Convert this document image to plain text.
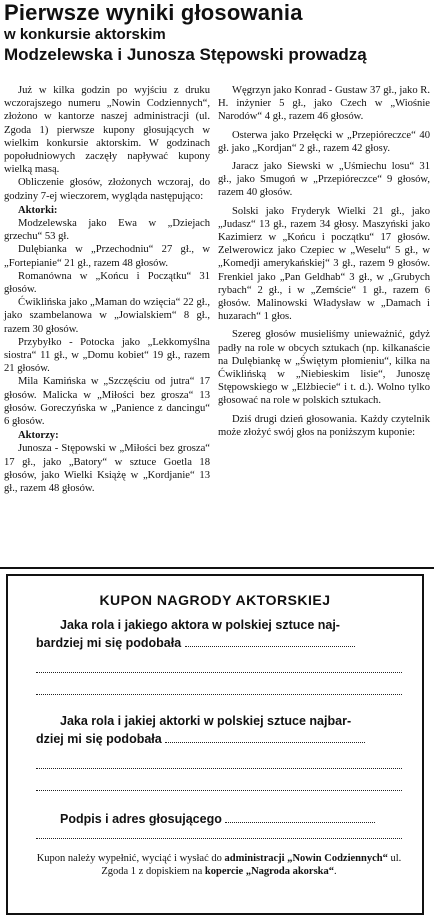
Pierwsze wyniki głosowania
w konkursie aktorskim
Modzelewska i Junosza Stępowski prowadzą

Już w kilka godzin po wyjściu z druku wczorajszego numeru „Nowin Codziennych“, złożono w kantorze naszej administracji (ul. Zgoda 1) pierwsze kupony głosujących w wielkim konkursie aktorskim. W godzinach popołudniowych zaczęły napływać kupony wielką masą.

Obliczenie głosów, złożonych wczoraj, do godziny 7-ej wieczorem, wygląda następująco:

Aktorki:

Modzelewska jako Ewa w „Dziejach grzechu“ 53 gł.

Dulębianka w „Przechodniu“ 27 gł., w „Fortepianie“ 21 gł., razem 48 głosów.

Romanówna w „Końcu i Początku“ 31 głosów.

Ćwiklińska jako „Maman do wzięcia“ 22 gł., jako szambelanowa w „Jowialskiem“ 8 gł., razem 30 głosów.

Przybyłko - Potocka jako „Lekkomyślna siostra“ 11 gł., w „Domu kobiet“ 19 gł., razem 21 głosów.

Mila Kamińska w „Szczęściu od jutra“ 17 głosów. Malicka w „Miłości bez grosza“ 13 głosów. Goreczyńska w „Panience z dancingu“ 6 głosów.

Aktorzy:

Junosza - Stępowski w „Miłości bez grosza“ 17 gł., jako „Batory“ w sztuce Goetla 18 głosów, jako Wielki Książę w „Kordjanie“ 13 gł., razem 48 głosów.

Węgrzyn jako Konrad - Gustaw 37 gł., jako R. H. inżynier 5 gł., jako Czech w „Wiośnie Narodów“ 4 gł., razem 46 głosów.

Osterwa jako Przełęcki w „Przepióreczce“ 40 gł. jako „Kordjan“ 2 gł., razem 42 głosy.

Jaracz jako Siewski w „Uśmiechu losu“ 31 gł., jako Smugoń w „Przepióreczce“ 9 głosów, razem 40 głosów.

Solski jako Fryderyk Wielki 21 gł., jako „Judasz“ 13 gł., razem 34 głosy. Maszyński jako Kazimierz w „Końcu i początku“ 17 głosów. Zelwerowicz jako Czepiec w „Weselu“ 5 gł., w „Komedji amerykańskiej“ 3 gł., razem 9 głosów. Frenkiel jako „Pan Geldhab“ 3 gł., w „Grubych rybach“ 2 gł., i w „Zemście“ 1 gł., razem 6 głosów. Malinowski Władysław w „Damach i huzarach“ 1 głos.

Szereg głosów musieliśmy unieważnić, gdyż padły na role w obcych sztukach (np. kilkanaście na Dulębiankę w „Świętym płomieniu“, kilka na Ćwiklińską w „Niebieskim lisie“, Junoszę Stępowskiego w „Elżbiecie“ i t. d.). Wolno tylko głosować na role w polskich sztukach.

Dziś drugi dzień głosowania. Każdy czytelnik może złożyć swój głos na poniższym kuponie:

KUPON NAGRODY AKTORSKIEJ
Jaka rola i jakiego aktora w polskiej sztuce naj-
bardziej mi się podobała
Jaka rola i jakiej aktorki w polskiej sztuce najbar-
dziej mi się podobała
Podpis i adres głosującego
Kupon należy wypełnić, wyciąć i wysłać do administracji „Nowin Codziennych“ ul. Zgoda 1 z dopiskiem na kopercie „Nagroda akorska“.
